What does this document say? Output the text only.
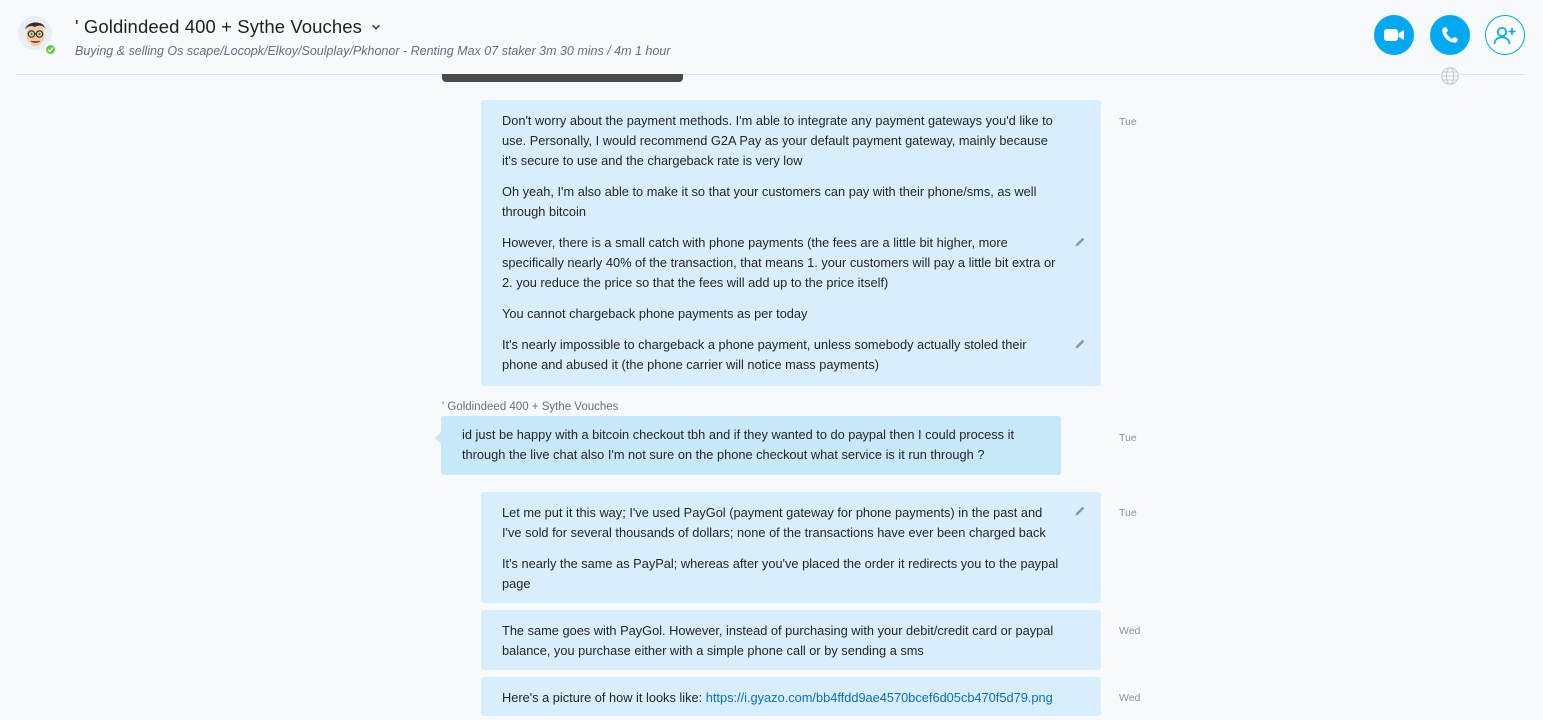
' Goldindeed 400 + Sythe Vouches
Buying & selling Os scape/Locopk/Elkoy/Soulplay/Pkhonor - Renting Max 07 staker 3m 30 mins / 4m 1 hour

Don't worry about the payment methods. I'm able to integrate any payment gateways you'd like to use. Personally, I would recommend G2A Pay as your default payment gateway, mainly because it's secure to use and the chargeback rate is very low

Oh yeah, I'm also able to make it so that your customers can pay with their phone/sms, as well through bitcoin

However, there is a small catch with phone payments (the fees are a little bit higher, more specifically nearly 40% of the transaction, that means 1. your customers will pay a little bit extra or 2. you reduce the price so that the fees will add up to the price itself)

You cannot chargeback phone payments as per today

It's nearly impossible to chargeback a phone payment, unless somebody actually stoled their phone and abused it (the phone carrier will notice mass payments)

Tue
' Goldindeed 400 + Sythe Vouches

id just be happy with a bitcoin checkout tbh and if they wanted to do paypal then I could process it through the live chat also I'm not sure on the phone checkout what service is it run through ?

Tue

Let me put it this way; I've used PayGol (payment gateway for phone payments) in the past and I've sold for several thousands of dollars; none of the transactions have ever been charged back

It's nearly the same as PayPal; whereas after you've placed the order it redirects you to the paypal page

Tue

The same goes with PayGol. However, instead of purchasing with your debit/credit card or paypal balance, you purchase either with a simple phone call or by sending a sms

Wed

Here's a picture of how it looks like: https://i.gyazo.com/bb4ffdd9ae4570bcef6d05cb470f5d79.png	Wed
